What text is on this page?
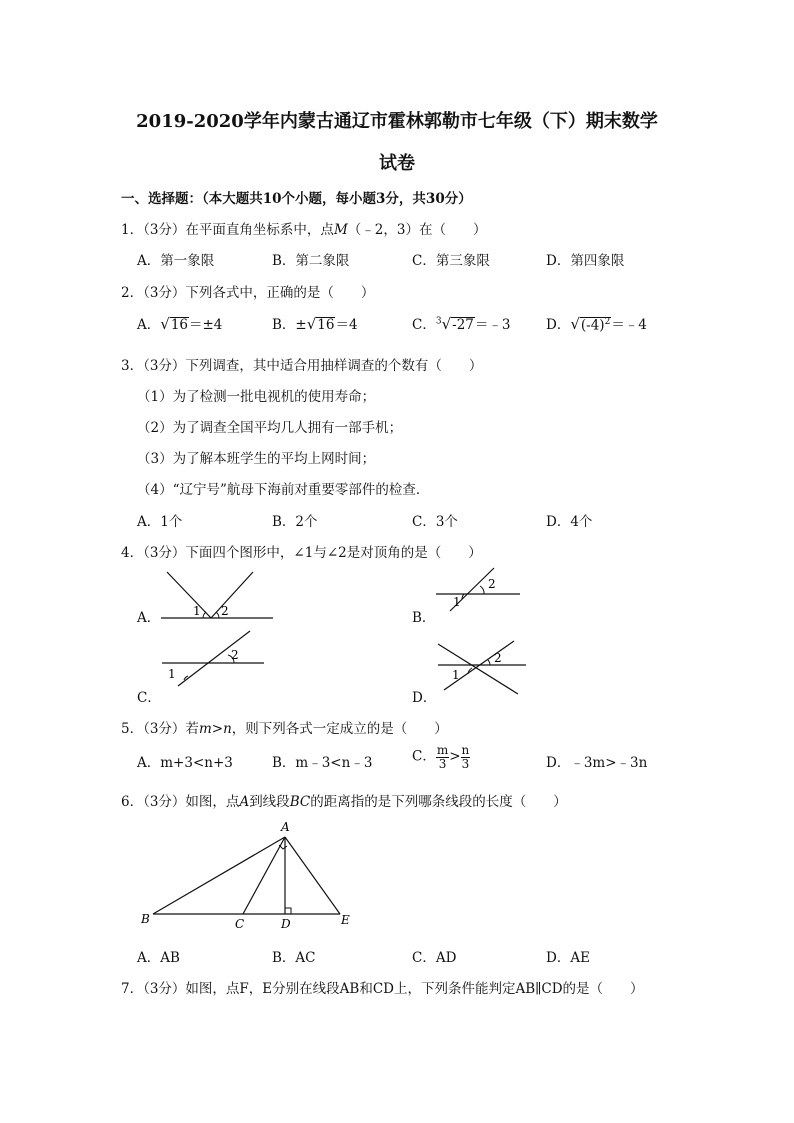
2019-2020学年内蒙古通辽市霍林郭勒市七年级（下）期末数学
试卷
一、选择题：（本大题共10个小题，每小题3分，共30分）
1．（3分）在平面直角坐标系中，点M（﹣2，3）在（　　）
A．第一象限	B．第二象限	C．第三象限	D．第四象限
2．（3分）下列各式中，正确的是（　　）
A．√16＝±4	B．±√16＝4	C．$^3$√-27＝﹣3	D．$√(-4)^2=﹣4$
3．（3分）下列调查，其中适合用抽样调查的个数有（　　）
（1）为了检测一批电视机的使用寿命；
（2）为了调查全国平均几人拥有一部手机；
（3）为了解本班学生的平均上网时间；
（4）“辽宁号”航母下海前对重要零部件的检查．
A．1个	B．2个	C．3个	D．4个
4．（3分）下面四个图形中，∠1与∠2是对顶角的是（　　）
A．	1 2	B．
1
2
C．
1
2
D．
1
2
5．（3分）若m>n，则下列各式一定成立的是（　　）
A．m+3<n+3	B．m﹣3<n﹣3	C． $\frac{m}{3} > \frac{n}{3}$	D．﹣3m>﹣3n
6．（3分）如图，点A到线段BC的距离指的是下列哪条线段的长度（　　）
A
B	C	D	E
A．AB	B．AC	C．AD	D．AE
7．（3分）如图，点F，E分别在线段AB和CD上，下列条件能判定AB∥CD的是（　　）
